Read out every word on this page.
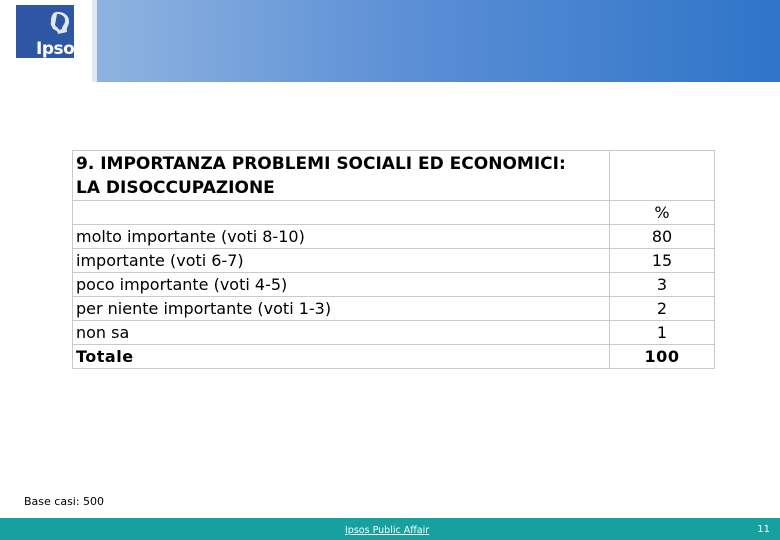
Ipsos
9. IMPORTANZA PROBLEMI SOCIALI ED ECONOMICI:
LA DISOCCUPAZIONE	
	%
molto importante (voti 8-10)	80
importante (voti 6-7)	15
poco importante (voti 4-5)	3
per niente importante (voti 1-3)	2
non sa	1
Totale	100
Base casi: 500
Ipsos Public Affair	11
